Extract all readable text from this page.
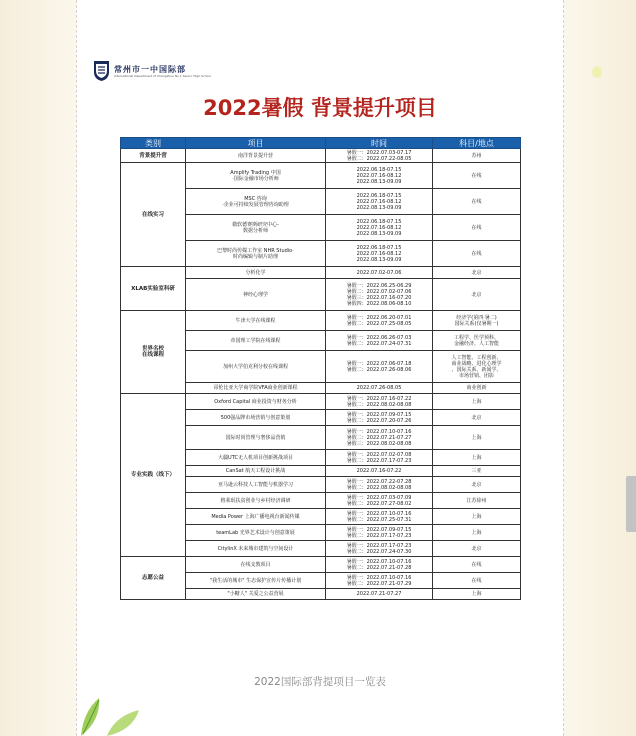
常州市一中国际部
International Department of Changzhou No.1 Senior High School
2022暑假 背景提升项目
类别	项目	时间	科目/地点
背景提升营	南洋背景提升营	暑假一：2022.07.03-07.17
暑假二：2022.07.22-08.05	苏州
在线实习	Amplify Trading 中国
·国际金融市场分析师	2022.06.18-07.15
2022.07.16-08.12
2022.08.13-09.09	在线
	MSC 咨询
·企业可持续发展管理咨询助理	2022.06.18-07.15
2022.07.16-08.12
2022.08.13-09.09	在线
	微软德赛斯研究中心-
数据分析师	2022.06.18-07.15
2022.07.16-08.12
2022.08.13-09.09	在线
	巴黎时尚传媒工作室 NHR Studio·
时尚编辑与制片助理	2022.06.18-07.15
2022.07.16-08.12
2022.08.13-09.09	在线
XLAB实验室科研	分析化学	2022.07.02-07.06	北京
	神经心理学	暑假一：2022.06.25-06.29
暑假二：2022.07.02-07.06
暑假三：2022.07.16-07.20
暑假四：2022.08.06-08.10	北京
世界名校
在线课程	牛津大学在线课程	暑假一：2022.06.20-07.01
暑假二：2022.07.25-08.05	经济学(第四·暑二)
国际关系(仅暑期一)
	帝国理工学院在线课程	暑假一：2022.06.26-07.03
暑假二：2022.07.24-07.31	工程学、医学预科、
金融经济、人工智能
	加州大学伯克利分校在线课程	暑假一：2022.07.06-07.18
暑假二：2022.07.26-08.06	人工智能、工程创新、
商业战略、进化心理学
、国际关系、新闻学、
市场营销、团影
	哥伦比亚大学商学院VFA商业创新课程	2022.07.26-08.05	商业创新
专业实践（线下）	Oxford Capital 商业投资与财务分析	暑假一：2022.07.16-07.22
暑假二：2022.08.02-08.08	上海
	500强品牌市场营销与创意策划	暑假一：2022.07.09-07.15
暑假二：2022.07.20-07.26	北京
	国际时尚管理与奢侈品营销	暑假一：2022.07.10-07.16
暑假二：2022.07.21-07.27
暑假三：2022.08.02-08.08	上海
	大疆UTC无人机项目创新挑战项目	暑假一：2022.07.02-07.08
暑假二：2022.07.17-07.23	上海
	CanSat 航天工程设计挑战	2022.07.16-07.22	三亚
	亚马逊云科技人工智能与机器学习	暑假一：2022.07.22-07.28
暑假二：2022.08.02-08.08	北京
	格莱珉扶贫创业与乡村经济调研	暑假一：2022.07.03-07.09
暑假二：2022.07.27-08.02	江苏徐州
	Media Power 上海广播电视台新闻传媒	暑假一：2022.07.10-07.16
暑假二：2022.07.25-07.31	上海
	teamLab 光界艺术设计与创意策展	暑假一：2022.07.09-07.15
暑假二：2022.07.17-07.23	上海
	CitylinX 未来城市建筑与空间设计	暑假一：2022.07.17-07.23
暑假二：2022.07.24-07.30	北京
志愿公益	在线支教项目	暑假一：2022.07.10-07.16
暑假二：2022.07.21-07.28	在线
	"我生活的城市" 生态保护宣传片传播计划	暑假一：2022.07.10-07.16
暑假二：2022.07.21-07.29	在线
	"小糖人" 关爱之公益营展	2022.07.21-07.27	上海
2022国际部背提项目一览表
